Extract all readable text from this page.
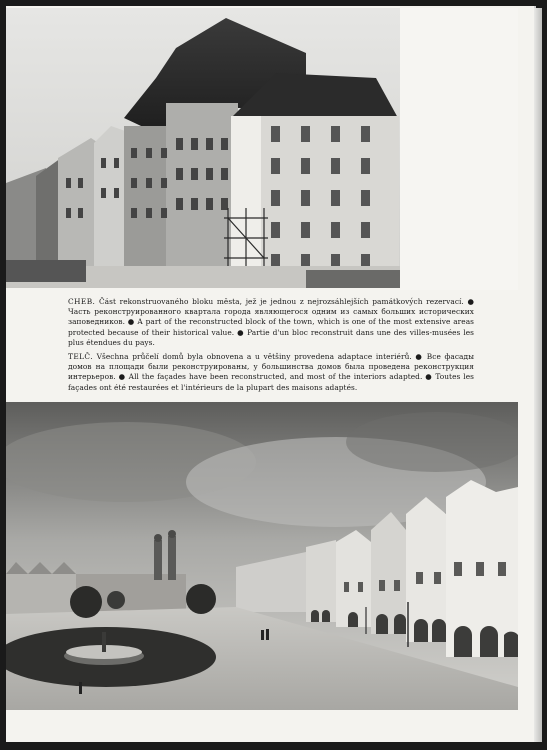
CHEB. Část rekonstruovaného bloku města, jež je jednou z nejrozsáhlejších památkových rezervací. ● Часть реконструированного квартала города являющегося одним из самых больших исторических заповедников. ● A part of the reconstructed block of the town, which is one of the most extensive areas protected because of their historical value. ● Partie d'un bloc reconstruit dans une des villes-musées les plus étendues du pays.
TELČ. Všechna průčelí domů byla obnovena a u většiny provedena adaptace interiérů. ● Все фасады домов на площади были реконструированы, у большинства домов была проведена реконструкция интерьеров. ● All the façades have been reconstructed, and most of the interiors adapted. ● Toutes les façades ont été restaurées et l'intérieurs de la plupart des maisons adaptés.
